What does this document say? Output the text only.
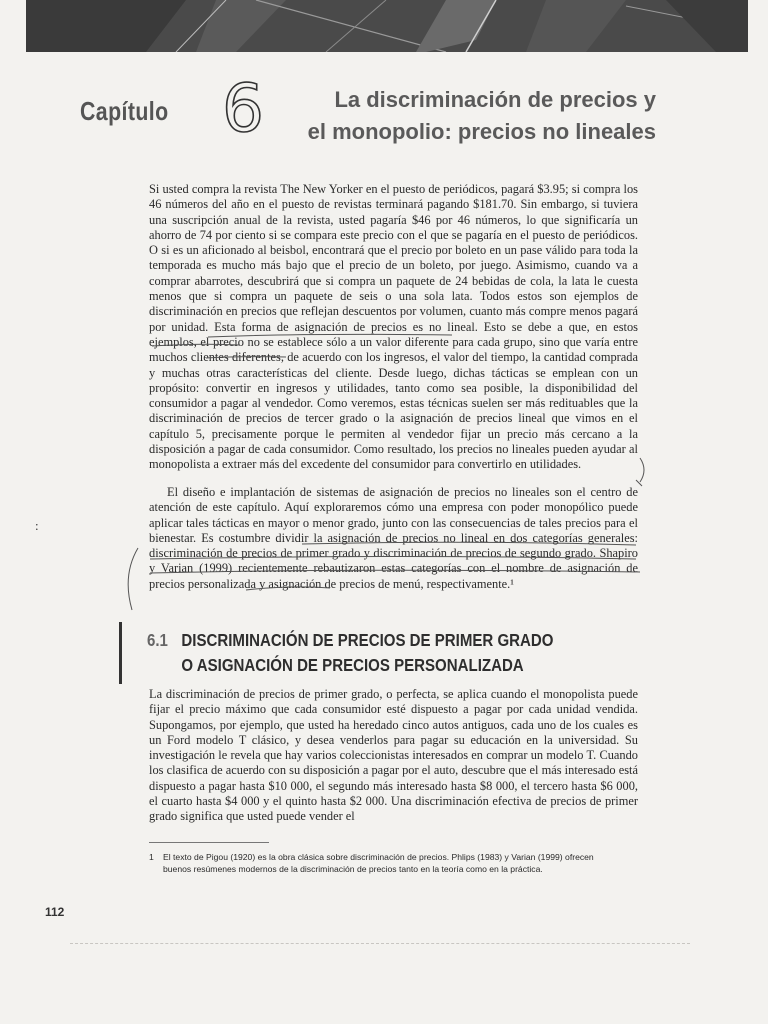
Capítulo 6	La discriminación de precios y
el monopolio: precios no lineales

Si usted compra la revista The New Yorker en el puesto de periódicos, pagará $3.95; si compra los 46 números del año en el puesto de revistas terminará pagando $181.70. Sin embargo, si tuviera una suscripción anual de la revista, usted pagaría $46 por 46 números, lo que significaría un ahorro de 74 por ciento si se compara este precio con el que se pagaría en el puesto de periódicos. O si es un aficionado al beisbol, encontrará que el precio por boleto en un pase válido para toda la temporada es mucho más bajo que el precio de un boleto, por juego. Asimismo, cuando va a comprar abarrotes, descubrirá que si compra un paquete de 24 bebidas de cola, la lata le cuesta menos que si compra un paquete de seis o una sola lata. Todos estos son ejemplos de discriminación en precios que reflejan descuentos por volumen, cuanto más compre menos pagará por unidad. Esta forma de asignación de precios es no lineal. Esto se debe a que, en estos ejemplos, el precio no se establece sólo a un valor diferente para cada grupo, sino que varía entre muchos clientes diferentes, de acuerdo con los ingresos, el valor del tiempo, la cantidad comprada y muchas otras características del cliente. Desde luego, dichas tácticas se emplean con un propósito: convertir en ingresos y utilidades, tanto como sea posible, la disponibilidad del consumidor a pagar al vendedor. Como veremos, estas técnicas suelen ser más redituables que la discriminación de precios de tercer grado o la asignación de precios lineal que vimos en el capítulo 5, precisamente porque le permiten al vendedor fijar un precio más cercano a la disposición a pagar de cada consumidor. Como resultado, los precios no lineales pueden ayudar al monopolista a extraer más del excedente del consumidor para convertirlo en utilidades.

El diseño e implantación de sistemas de asignación de precios no lineales son el centro de atención de este capítulo. Aquí exploraremos cómo una empresa con poder monopólico puede aplicar tales tácticas en mayor o menor grado, junto con las consecuencias de tales precios para el bienestar. Es costumbre dividir la asignación de precios no lineal en dos categorías generales: discriminación de precios de primer grado y discriminación de precios de segundo grado. Shapiro y Varian (1999) recientemente rebautizaron estas categorías con el nombre de asignación de precios personalizada y asignación de precios de menú, respectivamente.¹

6.1 DISCRIMINACIÓN DE PRECIOS DE PRIMER GRADO
O ASIGNACIÓN DE PRECIOS PERSONALIZADA

La discriminación de precios de primer grado, o perfecta, se aplica cuando el monopolista puede fijar el precio máximo que cada consumidor esté dispuesto a pagar por cada unidad vendida. Supongamos, por ejemplo, que usted ha heredado cinco autos antiguos, cada uno de los cuales es un Ford modelo T clásico, y desea venderlos para pagar su educación en la universidad. Su investigación le revela que hay varios coleccionistas interesados en comprar un modelo T. Cuando los clasifica de acuerdo con su disposición a pagar por el auto, descubre que el más interesado está dispuesto a pagar hasta $10 000, el segundo más interesado hasta $8 000, el tercero hasta $6 000, el cuarto hasta $4 000 y el quinto hasta $2 000. Una discriminación efectiva de precios de primer grado significa que usted puede vender el

1 El texto de Pigou (1920) es la obra clásica sobre discriminación de precios. Phlips (1983) y Varian (1999) ofrecen buenos resúmenes modernos de la discriminación de precios tanto en la teoría como en la práctica.

112
:
